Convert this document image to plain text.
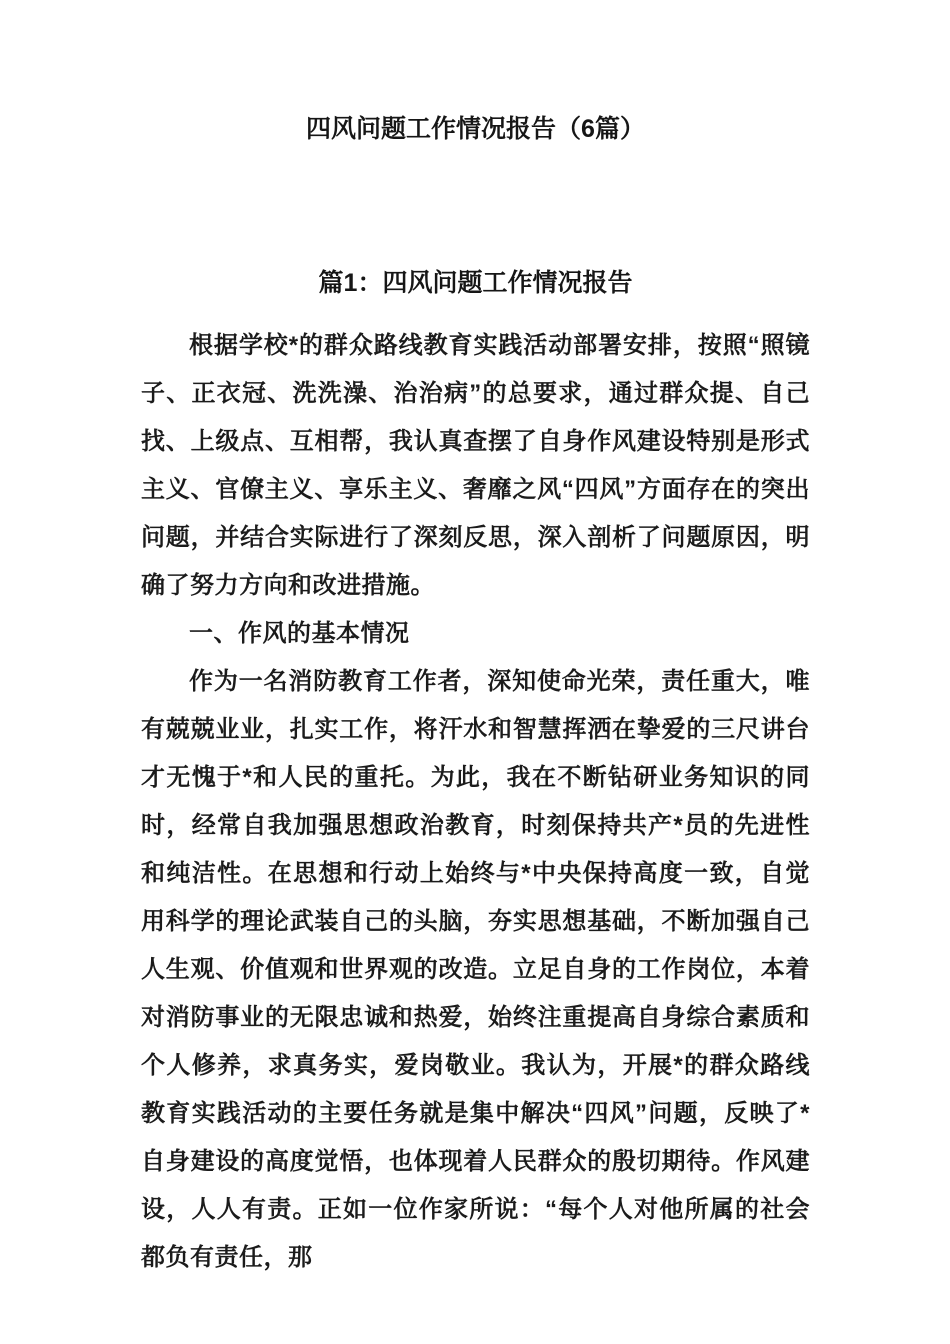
四风问题工作情况报告（6篇）
篇1：四风问题工作情况报告

根据学校*的群众路线教育实践活动部署安排，按照“照镜子、正衣冠、洗洗澡、治治病”的总要求，通过群众提、自己找、上级点、互相帮，我认真查摆了自身作风建设特别是形式主义、官僚主义、享乐主义、奢靡之风“四风”方面存在的突出问题，并结合实际进行了深刻反思，深入剖析了问题原因，明确了努力方向和改进措施。

一、作风的基本情况

作为一名消防教育工作者，深知使命光荣，责任重大，唯有兢兢业业，扎实工作，将汗水和智慧挥洒在挚爱的三尺讲台才无愧于*和人民的重托。为此，我在不断钻研业务知识的同时，经常自我加强思想政治教育，时刻保持共产*员的先进性和纯洁性。在思想和行动上始终与*中央保持高度一致，自觉用科学的理论武装自己的头脑，夯实思想基础，不断加强自己人生观、价值观和世界观的改造。立足自身的工作岗位，本着对消防事业的无限忠诚和热爱，始终注重提高自身综合素质和个人修养，求真务实，爱岗敬业。我认为，开展*的群众路线教育实践活动的主要任务就是集中解决“四风”问题，反映了*自身建设的高度觉悟，也体现着人民群众的殷切期待。作风建设，人人有责。正如一位作家所说：“每个人对他所属的社会都负有责任，那
